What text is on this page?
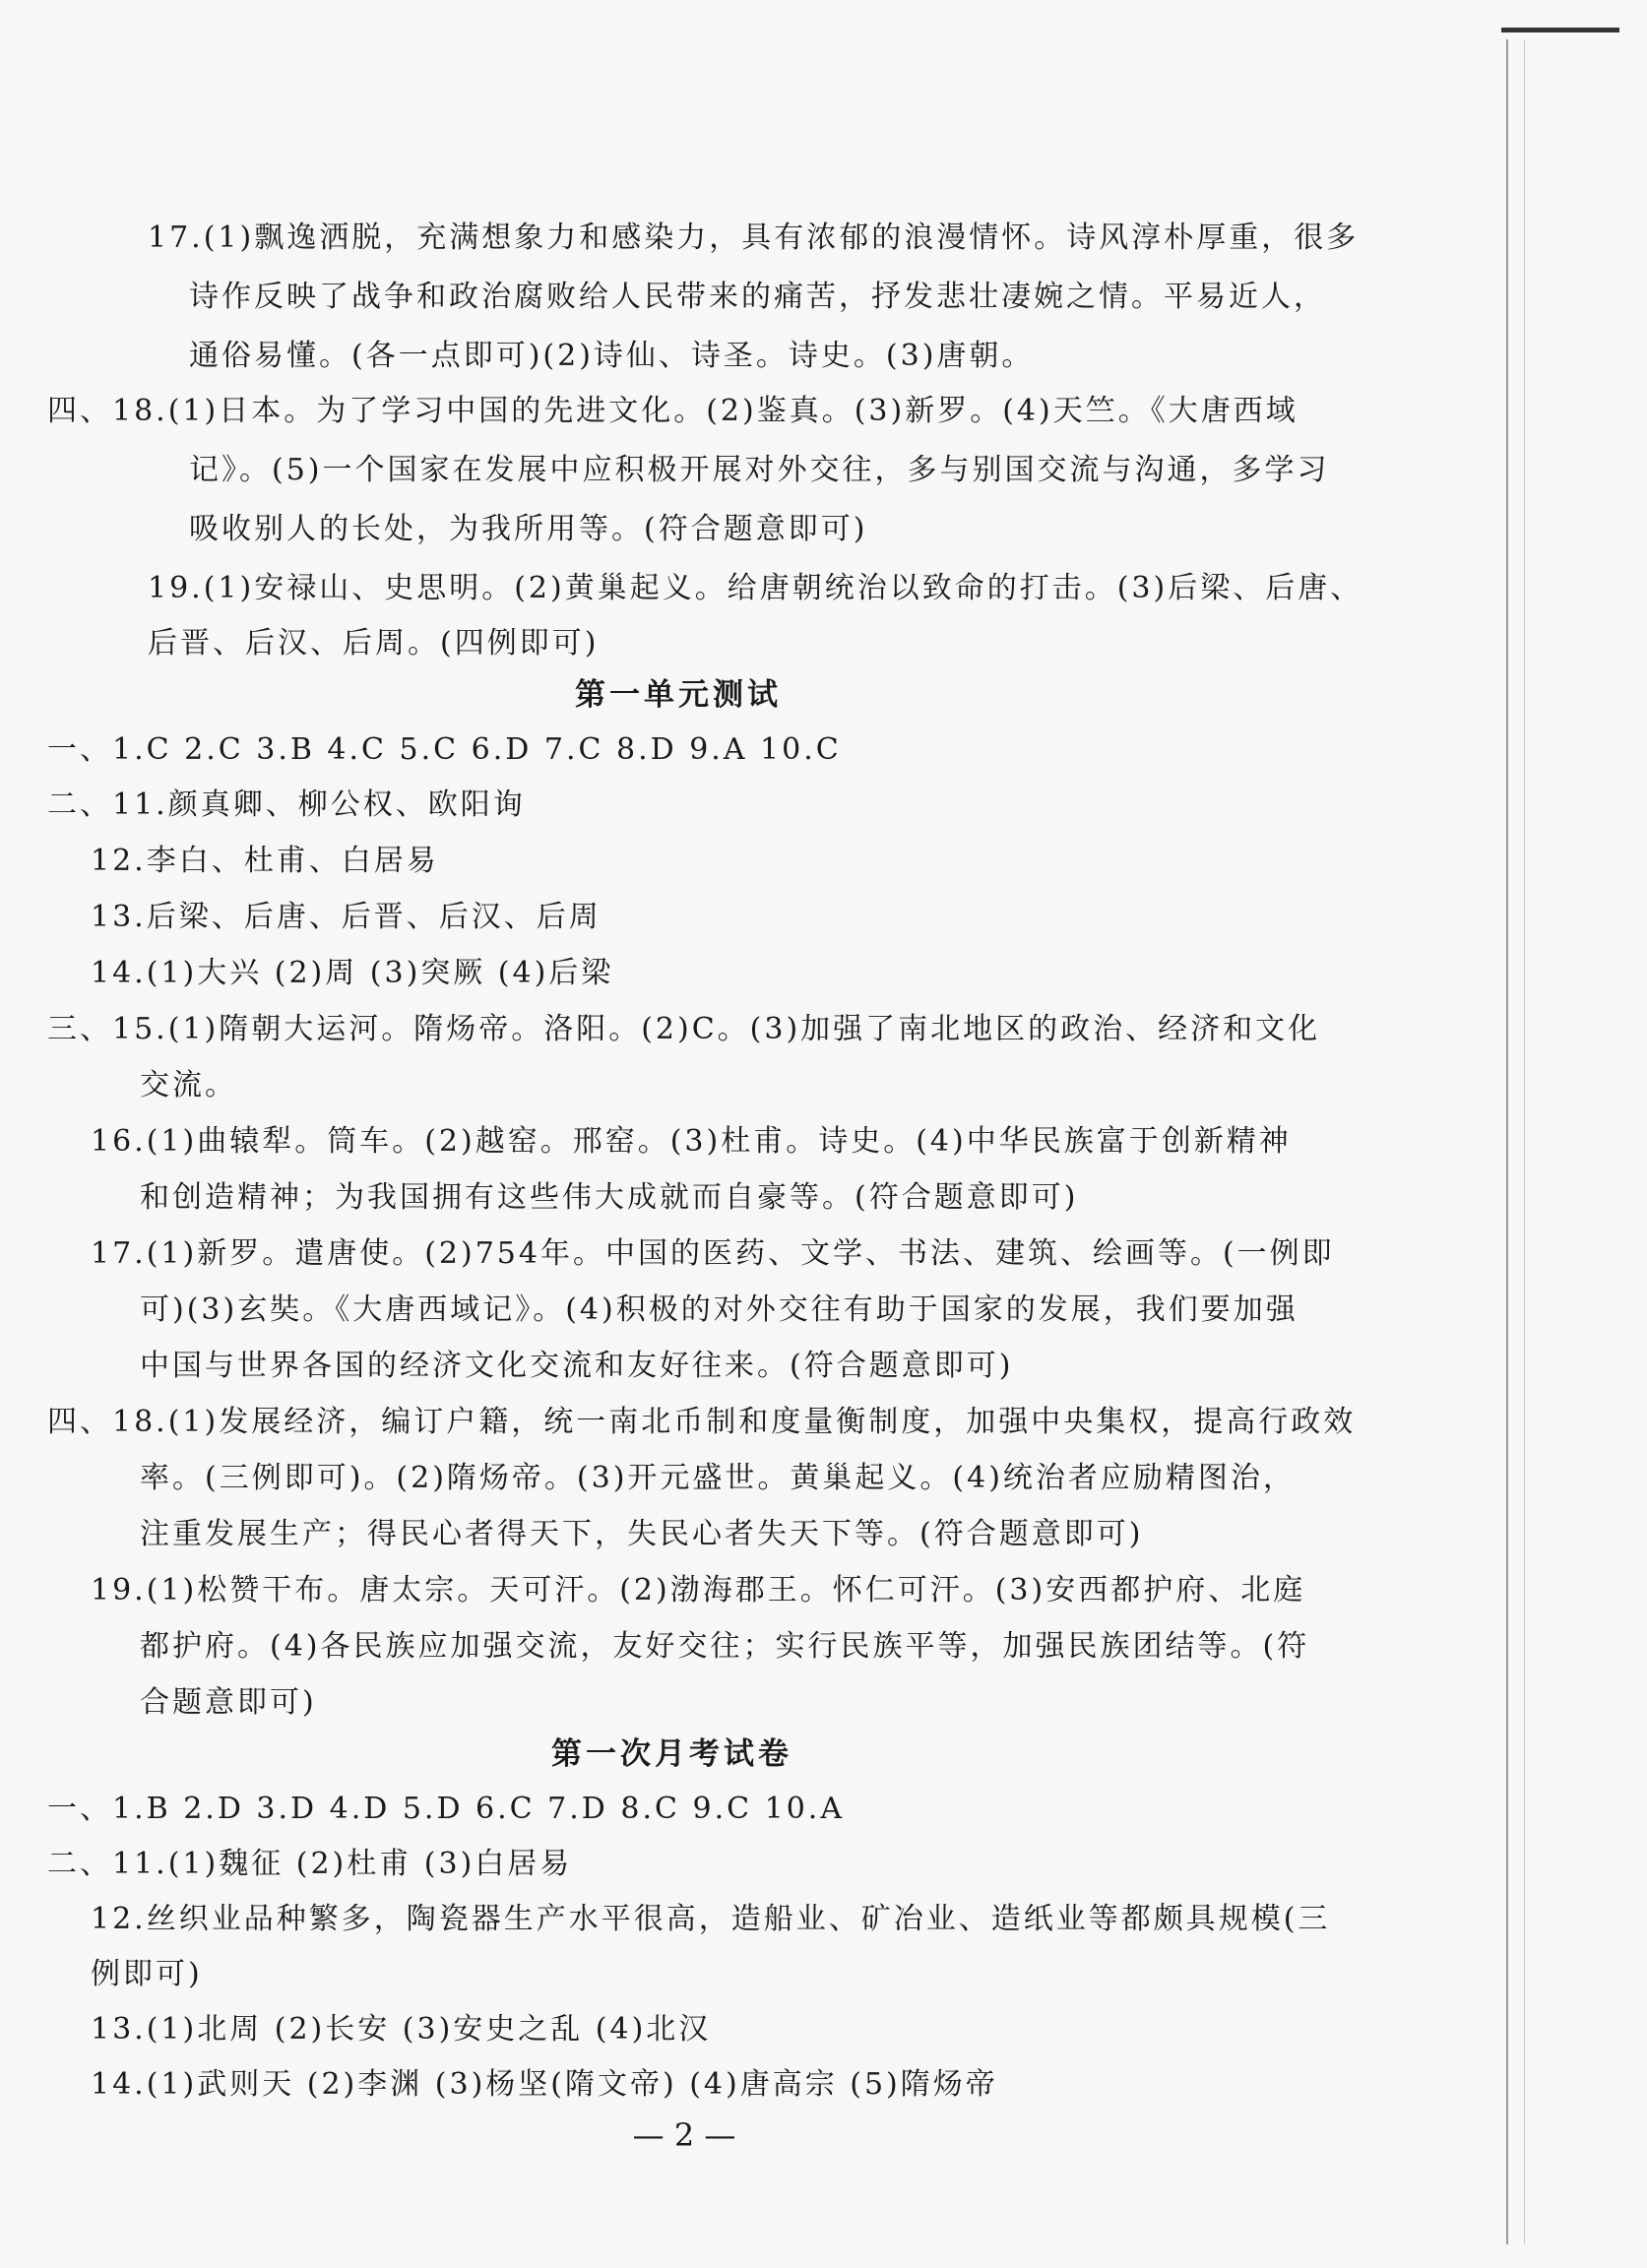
17.(1)飘逸洒脱，充满想象力和感染力，具有浓郁的浪漫情怀。诗风淳朴厚重，很多
诗作反映了战争和政治腐败给人民带来的痛苦，抒发悲壮凄婉之情。平易近人，
通俗易懂。(各一点即可)(2)诗仙、诗圣。诗史。(3)唐朝。
四、18.(1)日本。为了学习中国的先进文化。(2)鉴真。(3)新罗。(4)天竺。《大唐西域
记》。(5)一个国家在发展中应积极开展对外交往，多与别国交流与沟通，多学习
吸收别人的长处，为我所用等。(符合题意即可)
19.(1)安禄山、史思明。(2)黄巢起义。给唐朝统治以致命的打击。(3)后梁、后唐、
后晋、后汉、后周。(四例即可)
第一单元测试
一、1.C 2.C 3.B 4.C 5.C 6.D 7.C 8.D 9.A 10.C
二、11.颜真卿、柳公权、欧阳询
12.李白、杜甫、白居易
13.后梁、后唐、后晋、后汉、后周
14.(1)大兴 (2)周 (3)突厥 (4)后梁
三、15.(1)隋朝大运河。隋炀帝。洛阳。(2)C。(3)加强了南北地区的政治、经济和文化
交流。
16.(1)曲辕犁。筒车。(2)越窑。邢窑。(3)杜甫。诗史。(4)中华民族富于创新精神
和创造精神；为我国拥有这些伟大成就而自豪等。(符合题意即可)
17.(1)新罗。遣唐使。(2)754年。中国的医药、文学、书法、建筑、绘画等。(一例即
可)(3)玄奘。《大唐西域记》。(4)积极的对外交往有助于国家的发展，我们要加强
中国与世界各国的经济文化交流和友好往来。(符合题意即可)
四、18.(1)发展经济，编订户籍，统一南北币制和度量衡制度，加强中央集权，提高行政效
率。(三例即可)。(2)隋炀帝。(3)开元盛世。黄巢起义。(4)统治者应励精图治，
注重发展生产；得民心者得天下，失民心者失天下等。(符合题意即可)
19.(1)松赞干布。唐太宗。天可汗。(2)渤海郡王。怀仁可汗。(3)安西都护府、北庭
都护府。(4)各民族应加强交流，友好交往；实行民族平等，加强民族团结等。(符
合题意即可)
第一次月考试卷
一、1.B 2.D 3.D 4.D 5.D 6.C 7.D 8.C 9.C 10.A
二、11.(1)魏征 (2)杜甫 (3)白居易
12.丝织业品种繁多，陶瓷器生产水平很高，造船业、矿冶业、造纸业等都颇具规模(三
例即可)
13.(1)北周 (2)长安 (3)安史之乱 (4)北汉
14.(1)武则天 (2)李渊 (3)杨坚(隋文帝) (4)唐高宗 (5)隋炀帝
— 2 —
